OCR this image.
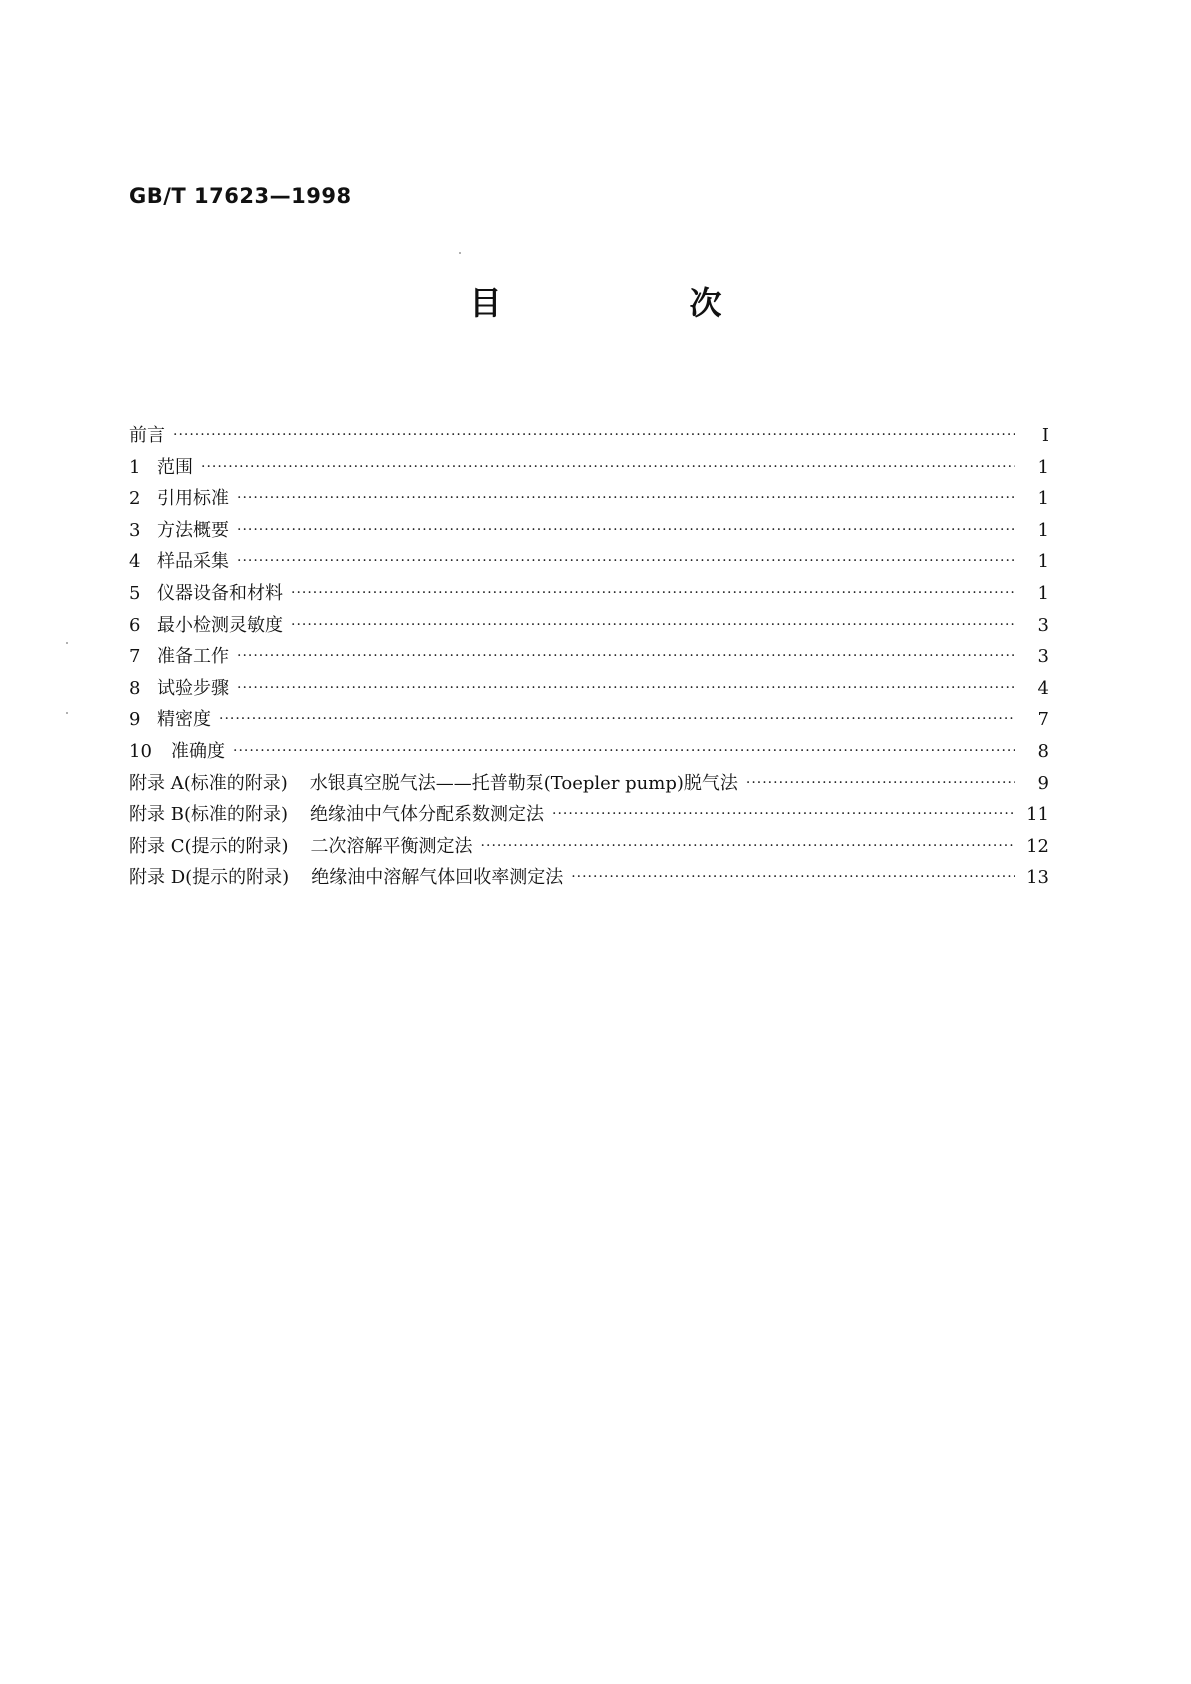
GB/T 17623—1998
目　次
前言 ·····	Ⅰ
1 范围 ·····	1
2 引用标准 ·····	1
3 方法概要 ·····	1
4 样品采集 ·····	1
5 仪器设备和材料 ·····	1
6 最小检测灵敏度 ·····	3
7 准备工作 ·····	3
8 试验步骤 ·····	4
9 精密度 ·····	7
10	准确度 ·····	8
附录 A(标准的附录) 水银真空脱气法——托普勒泵(Toepler pump)脱气法 ·····	9
附录 B(标准的附录) 绝缘油中气体分配系数测定法 ·····	11
附录 C(提示的附录) 二次溶解平衡测定法 ·····	12
附录 D(提示的附录) 绝缘油中溶解气体回收率测定法 ·····	13
